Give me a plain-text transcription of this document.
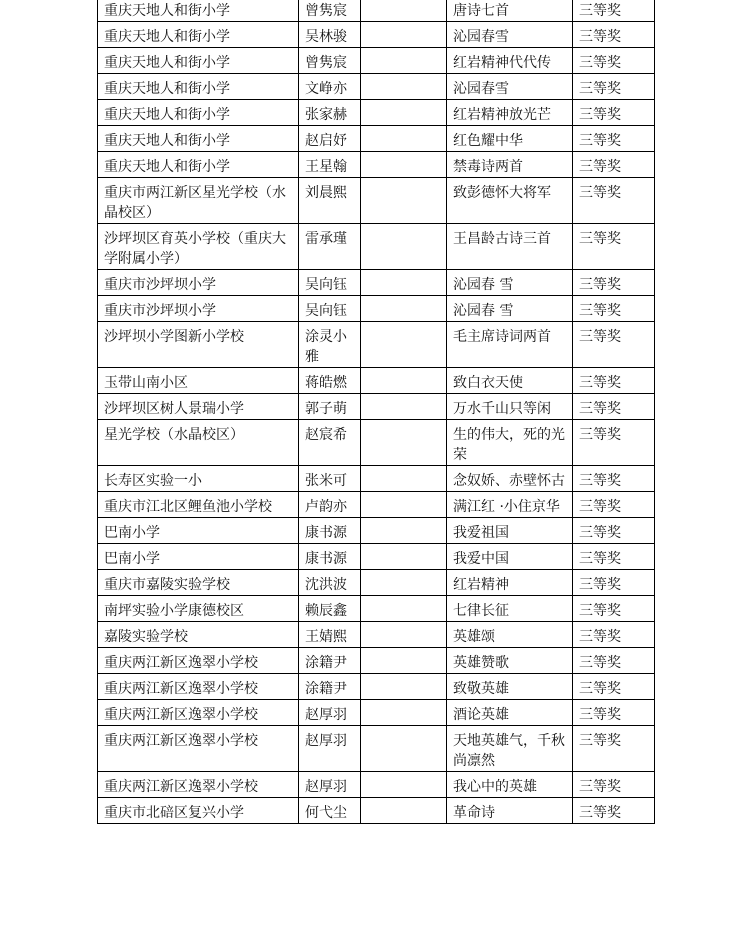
重庆天地人和街小学	曾隽宸		唐诗七首	三等奖
重庆天地人和街小学	吴林骏		沁园春雪	三等奖
重庆天地人和街小学	曾隽宸		红岩精神代代传	三等奖
重庆天地人和街小学	文峥亦		沁园春雪	三等奖
重庆天地人和街小学	张家赫		红岩精神放光芒	三等奖
重庆天地人和街小学	赵启妤		红色耀中华	三等奖
重庆天地人和街小学	王星翰		禁毒诗两首	三等奖
重庆市两江新区星光学校（水晶校区）	刘晨熙		致彭德怀大将军	三等奖
沙坪坝区育英小学校（重庆大学附属小学）	雷承瑾		王昌龄古诗三首	三等奖
重庆市沙坪坝小学	吴向钰		沁园春 雪	三等奖
重庆市沙坪坝小学	吴向钰		沁园春 雪	三等奖
沙坪坝小学图新小学校	涂灵小雅		毛主席诗词两首	三等奖
玉带山南小区	蒋皓燃		致白衣天使	三等奖
沙坪坝区树人景瑞小学	郭子萌		万水千山只等闲	三等奖
星光学校（水晶校区）	赵宸希		生的伟大，死的光荣	三等奖
长寿区实验一小	张米可		念奴娇、赤壁怀古	三等奖
重庆市江北区鲤鱼池小学校	卢韵亦		满江红 ·小住京华	三等奖
巴南小学	康书源		我爱祖国	三等奖
巴南小学	康书源		我爱中国	三等奖
重庆市嘉陵实验学校	沈洪波		红岩精神	三等奖
南坪实验小学康德校区	赖辰鑫		七律长征	三等奖
嘉陵实验学校	王婧熙		英雄颂	三等奖
重庆两江新区逸翠小学校	涂籍尹		英雄赞歌	三等奖
重庆两江新区逸翠小学校	涂籍尹		致敬英雄	三等奖
重庆两江新区逸翠小学校	赵厚羽		酒论英雄	三等奖
重庆两江新区逸翠小学校	赵厚羽		天地英雄气，千秋尚凛然	三等奖
重庆两江新区逸翠小学校	赵厚羽		我心中的英雄	三等奖
重庆市北碚区复兴小学	何弋尘		革命诗	三等奖
